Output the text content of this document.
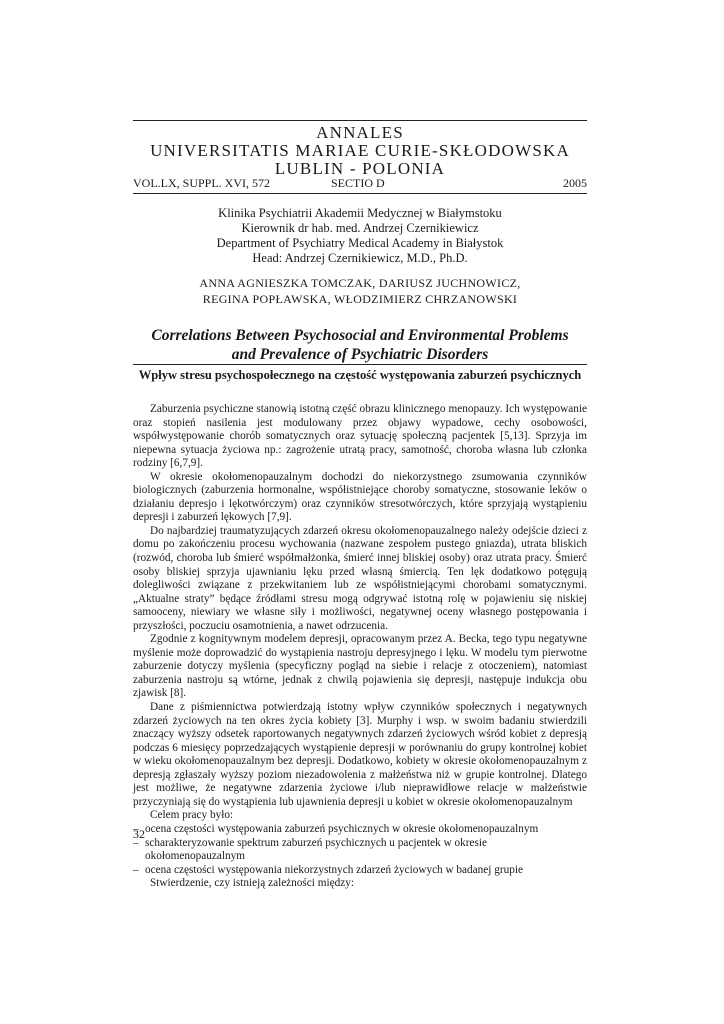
ANNALES
UNIVERSITATIS MARIAE CURIE-SKŁODOWSKA
LUBLIN - POLONIA
VOL.LX, SUPPL. XVI, 572	SECTIO D	2005
Klinika Psychiatrii Akademii Medycznej w Białymstoku
Kierownik dr hab. med. Andrzej Czernikiewicz
Department of Psychiatry Medical Academy in Białystok
Head: Andrzej Czernikiewicz, M.D., Ph.D.
ANNA AGNIESZKA TOMCZAK, DARIUSZ JUCHNOWICZ,
REGINA POPŁAWSKA, WŁODZIMIERZ CHRZANOWSKI
Correlations Between Psychosocial and Environmental Problems
and Prevalence of Psychiatric Disorders
Wpływ stresu psychospołecznego na częstość występowania zaburzeń psychicznych

Zaburzenia psychiczne stanowią istotną część obrazu klinicznego menopauzy. Ich występowanie oraz stopień nasilenia jest modulowany przez objawy wypadowe, cechy osobowości, współwystępowanie chorób somatycznych oraz sytuację społeczną pacjentek [5,13]. Sprzyja im niepewna sytuacja życiowa np.: zagrożenie utratą pracy, samotność, choroba własna lub członka rodziny [6,7,9].

W okresie okołomenopauzalnym dochodzi do niekorzystnego zsumowania czynników biologicznych (zaburzenia hormonalne, współistniejące choroby somatyczne, stosowanie leków o działaniu depresjo i lękotwórczym) oraz czynników stresotwórczych, które sprzyjają wystąpieniu depresji i zaburzeń lękowych [7,9].

Do najbardziej traumatyzujących zdarzeń okresu okołomenopauzalnego należy odejście dzieci z domu po zakończeniu procesu wychowania (nazwane zespołem pustego gniazda), utrata bliskich (rozwód, choroba lub śmierć współmałżonka, śmierć innej bliskiej osoby) oraz utrata pracy. Śmierć osoby bliskiej sprzyja ujawnianiu lęku przed własną śmiercią. Ten lęk dodatkowo potęgują dolegliwości związane z przekwitaniem lub ze współistniejącymi chorobami somatycznymi. „Aktualne straty” będące źródłami stresu mogą odgrywać istotną rolę w pojawieniu się niskiej samooceny, niewiary we własne siły i możliwości, negatywnej oceny własnego postępowania i przyszłości, poczuciu osamotnienia, a nawet odrzucenia.

Zgodnie z kognitywnym modelem depresji, opracowanym przez A. Becka, tego typu negatywne myślenie może doprowadzić do wystąpienia nastroju depresyjnego i lęku. W modelu tym pierwotne zaburzenie dotyczy myślenia (specyficzny pogląd na siebie i relacje z otoczeniem), natomiast zaburzenia nastroju są wtórne, jednak z chwilą pojawienia się depresji, następuje indukcja obu zjawisk [8].

Dane z piśmiennictwa potwierdzają istotny wpływ czynników społecznych i negatywnych zdarzeń życiowych na ten okres życia kobiety [3]. Murphy i wsp. w swoim badaniu stwierdzili znaczący wyższy odsetek raportowanych negatywnych zdarzeń życiowych wśród kobiet z depresją podczas 6 miesięcy poprzedzających wystąpienie depresji w porównaniu do grupy kontrolnej kobiet w wieku okołomenopauzalnym bez depresji. Dodatkowo, kobiety w okresie okołomenopauzalnym z depresją zgłaszały wyższy poziom niezadowolenia z małżeństwa niż w grupie kontrolnej. Dlatego jest możliwe, że negatywne zdarzenia życiowe i/lub nieprawidłowe relacje w małżeństwie przyczyniają się do wystąpienia lub ujawnienia depresji u kobiet w okresie okołomenopauzalnym

Celem pracy było:
– ocena częstości występowania zaburzeń psychicznych w okresie okołomenopauzalnym
– scharakteryzowanie spektrum zaburzeń psychicznych u pacjentek w okresie okołomenopauzalnym
– ocena częstości występowania niekorzystnych zdarzeń życiowych w badanej grupie
Stwierdzenie, czy istnieją zależności między:
32
